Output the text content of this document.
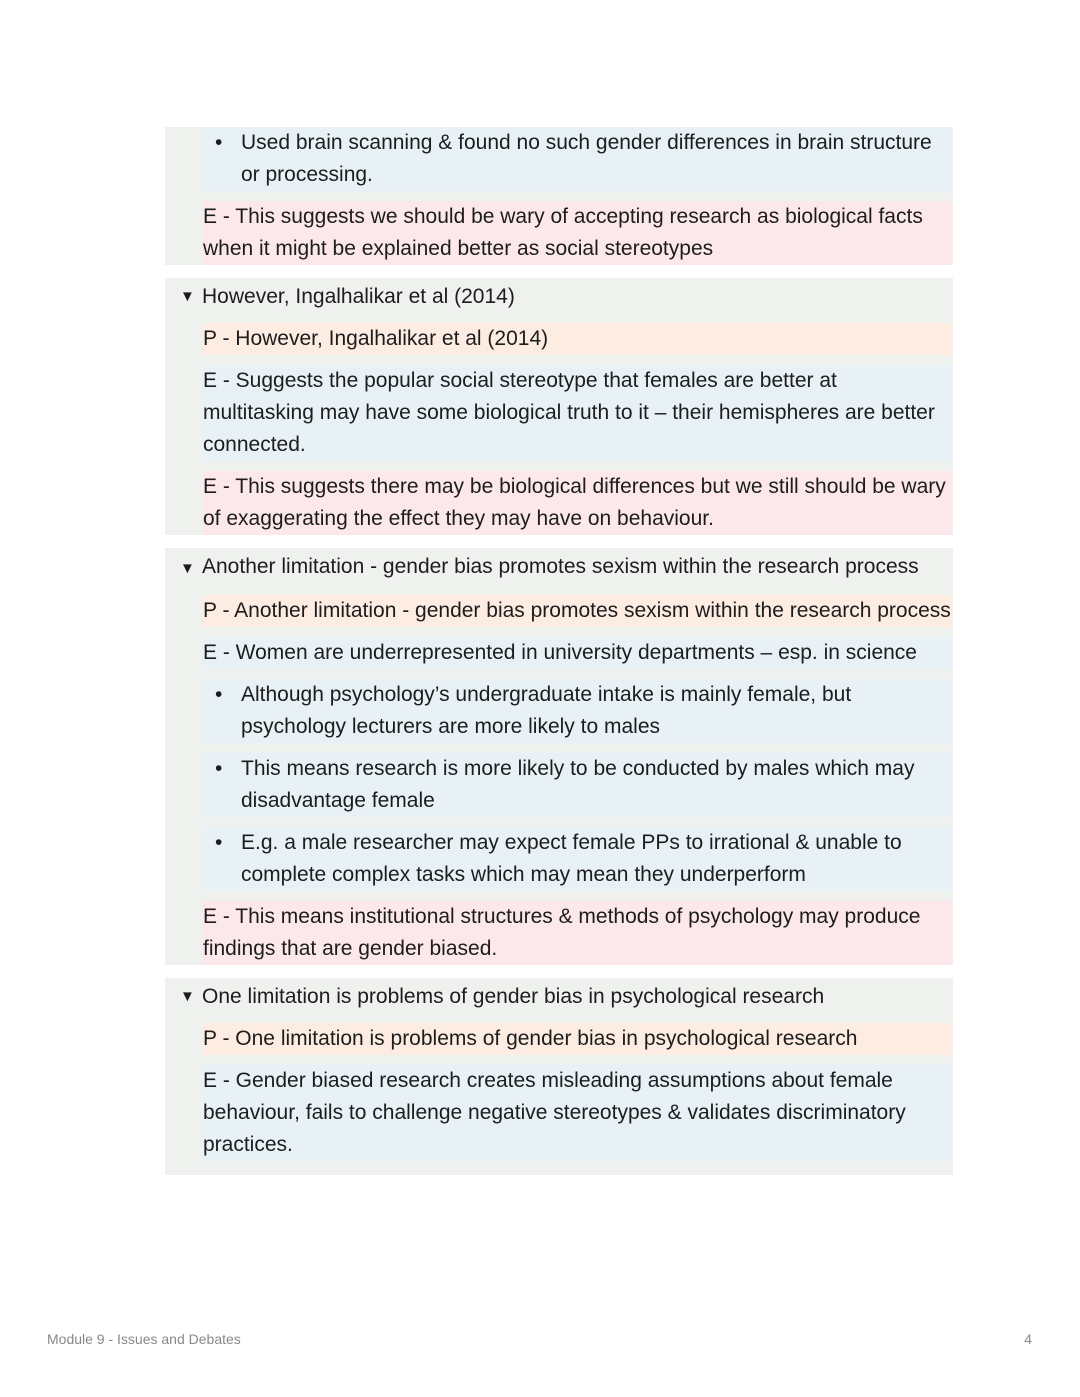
• Used brain scanning & found no such gender differences in brain structure or processing.
E - This suggests we should be wary of accepting research as biological facts when it might be explained better as social stereotypes
▼ However, Ingalhalikar et al (2014)
P - However, Ingalhalikar et al (2014)
E - Suggests the popular social stereotype that females are better at multitasking may have some biological truth to it – their hemispheres are better connected.
E - This suggests there may be biological differences but we still should be wary of exaggerating the effect they may have on behaviour.
▼ Another limitation - gender bias promotes sexism within the research process
P - Another limitation - gender bias promotes sexism within the research process
E - Women are underrepresented in university departments – esp. in science
• Although psychology’s undergraduate intake is mainly female, but psychology lecturers are more likely to males
• This means research is more likely to be conducted by males which may disadvantage female
• E.g. a male researcher may expect female PPs to irrational & unable to complete complex tasks which may mean they underperform
E - This means institutional structures & methods of psychology may produce findings that are gender biased.
▼ One limitation is problems of gender bias in psychological research
P - One limitation is problems of gender bias in psychological research
E - Gender biased research creates misleading assumptions about female behaviour, fails to challenge negative stereotypes & validates discriminatory practices.
Module 9 - Issues and Debates	4
